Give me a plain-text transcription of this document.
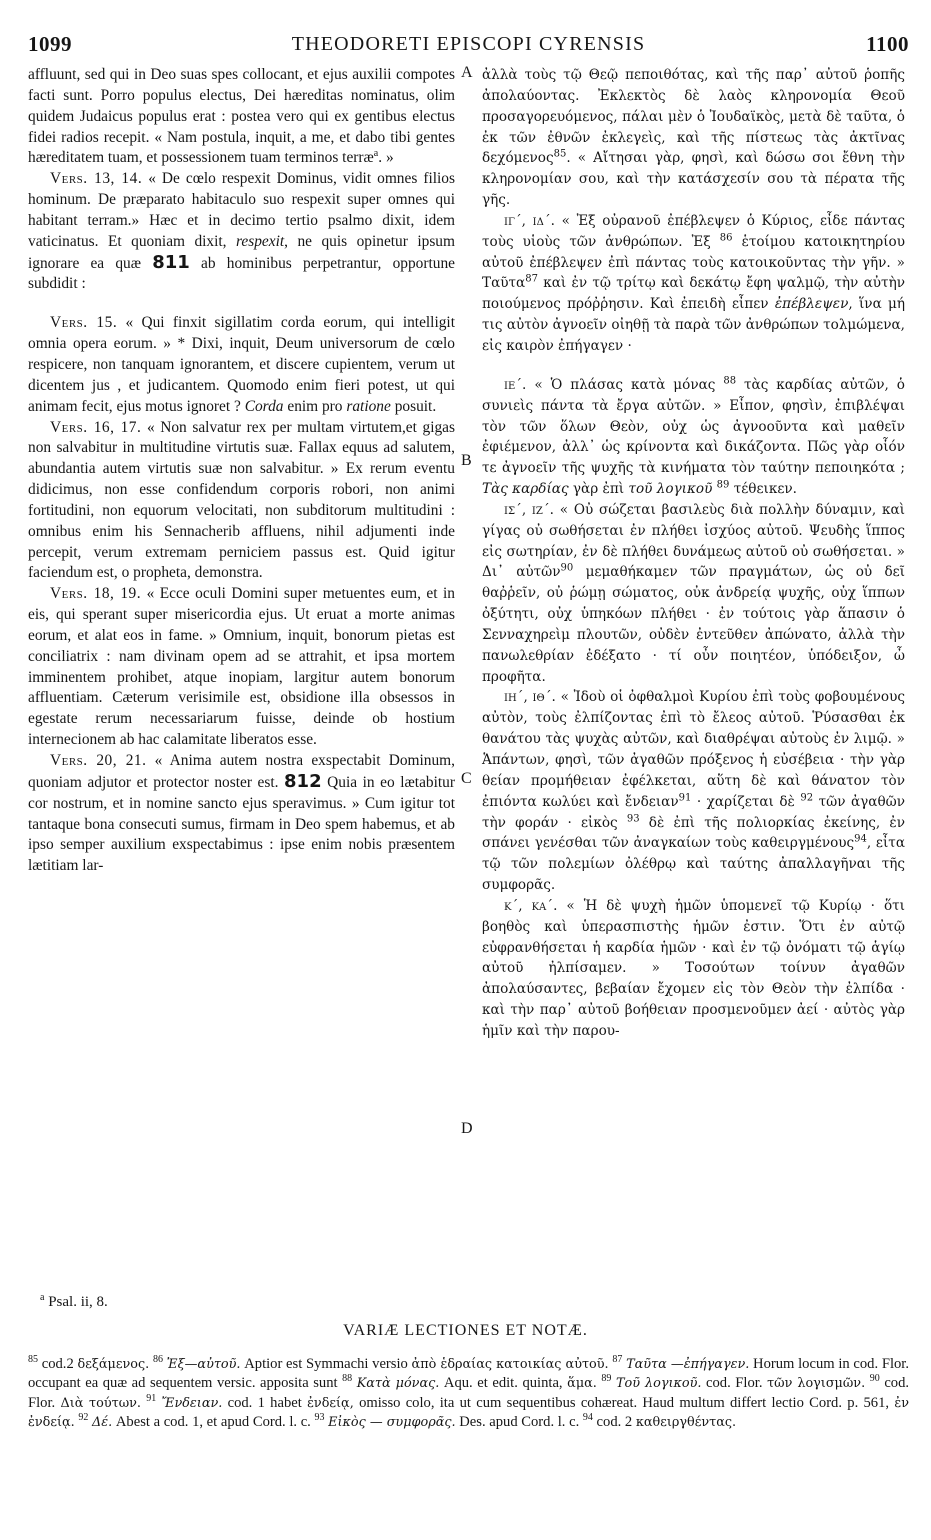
1099	THEODORETI EPISCOPI CYRENSIS	1100

affluunt, sed qui in Deo suas spes collocant, et ejus auxilii compotes facti sunt. Porro populus electus, Dei hæreditas nominatus, olim quidem Judaicus populus erat : postea vero qui ex gentibus electus fidei radios recepit. « Nam postula, inquit, a me, et dabo tibi gentes hæreditatem tuam, et possessionem tuam terminos terræ$^a$. »

Vers. 13, 14. « De cœlo respexit Dominus, vidit omnes filios hominum. De præparato habitaculo suo respexit super omnes qui habitant terram.» Hæc et in decimo tertio psalmo dixit, idem vaticinatus. Et quoniam dixit, respexit, ne quis opinetur ipsum ignorare ea quæ 811 ab hominibus perpetrantur, opportune subdidit :

Vers. 15. « Qui finxit sigillatim corda eorum, qui intelligit omnia opera eorum. » * Dixi, inquit, Deum universorum de cœlo respicere, non tanquam ignorantem, et discere cupientem, verum ut dicentem jus , et judicantem. Quomodo enim fieri potest, ut qui animam fecit, ejus motus ignoret ? Corda enim pro ratione posuit.

Vers. 16, 17. « Non salvatur rex per multam virtutem,et gigas non salvabitur in multitudine virtutis suæ. Fallax equus ad salutem, abundantia autem virtutis suæ non salvabitur. » Ex rerum eventu didicimus, non esse confidendum corporis robori, non animi fortitudini, non equorum velocitati, non subditorum multitudini : omnibus enim his Sennacherib affluens, nihil adjumenti inde percepit, verum extremam perniciem passus est. Quid igitur faciendum est, o propheta, demonstra.

Vers. 18, 19. « Ecce oculi Domini super metuentes eum, et in eis, qui sperant super misericordia ejus. Ut eruat a morte animas eorum, et alat eos in fame. » Omnium, inquit, bonorum pietas est conciliatrix : nam divinam opem ad se attrahit, et ipsa mortem imminentem prohibet, atque inopiam, largitur autem bonorum affluentiam. Cæterum verisimile est, obsidione illa obsessos in egestate rerum necessariarum fuisse, deinde ob hostium internecionem ab hac calamitate liberatos esse.

Vers. 20, 21. « Anima autem nostra exspectabit Dominum, quoniam adjutor et protector noster est. 812 Quia in eo lætabitur cor nostrum, et in nomine sancto ejus speravimus. » Cum igitur tot tantaque bona consecuti sumus, firmam in Deo spem habemus, et ab ipso semper auxilium exspectabimus : ipse enim nobis præsentem lætitiam lar-

A
B
C
D

ἀλλὰ τοὺς τῷ Θεῷ πεποιθότας, καὶ τῆς παρ᾽ αὐτοῦ ῥοπῆς ἀπολαύοντας. Ἐκλεκτὸς δὲ λαὸς κληρονομία Θεοῦ προσαγορευόμενος, πάλαι μὲν ὁ Ἰουδαϊκὸς, μετὰ δὲ ταῦτα, ὁ ἐκ τῶν ἐθνῶν ἐκλεγεὶς, καὶ τῆς πίστεως τὰς ἀκτῖνας δεχόμενος$^{85}$. « Αἴτησαι γὰρ, φησὶ, καὶ δώσω σοι ἔθνη τὴν κληρονομίαν σου, καὶ τὴν κατάσχεσίν σου τὰ πέρατα τῆς γῆς.

ιγ΄, ιδ΄. « Ἐξ οὐρανοῦ ἐπέβλεψεν ὁ Κύριος, εἶδε πάντας τοὺς υἱοὺς τῶν ἀνθρώπων. Ἐξ $^{86}$ ἑτοίμου κατοικητηρίου αὐτοῦ ἐπέβλεψεν ἐπὶ πάντας τοὺς κατοικοῦντας τὴν γῆν. » Ταῦτα$^{87}$ καὶ ἐν τῷ τρίτῳ καὶ δεκάτῳ ἔφη ψαλμῷ, τὴν αὐτὴν ποιούμενος πρόῤῥησιν. Καὶ ἐπειδὴ εἶπεν ἐπέβλεψεν, ἵνα μή τις αὐτὸν ἀγνοεῖν οἰηθῇ τὰ παρὰ τῶν ἀνθρώπων τολμώμενα, εἰς καιρὸν ἐπήγαγεν ·

ιε΄. « Ὁ πλάσας κατὰ μόνας $^{88}$ τὰς καρδίας αὐτῶν, ὁ συνιεὶς πάντα τὰ ἔργα αὐτῶν. » Εἶπον, φησὶν, ἐπιβλέψαι τὸν τῶν ὅλων Θεὸν, οὐχ ὡς ἀγνοοῦντα καὶ μαθεῖν ἐφιέμενον, ἀλλ᾽ ὡς κρίνοντα καὶ δικάζοντα. Πῶς γὰρ οἷόν τε ἀγνοεῖν τῆς ψυχῆς τὰ κινήματα τὸν ταύτην πεποιηκότα ; Τὰς καρδίας γὰρ ἐπὶ τοῦ λογικοῦ $^{89}$ τέθεικεν.

ις΄, ιζ΄. « Οὐ σώζεται βασιλεὺς διὰ πολλὴν δύναμιν, καὶ γίγας οὐ σωθήσεται ἐν πλήθει ἰσχύος αὐτοῦ. Ψευδὴς ἵππος εἰς σωτηρίαν, ἐν δὲ πλήθει δυνάμεως αὐτοῦ οὐ σωθήσεται. » Δι᾽ αὐτῶν$^{90}$ μεμαθήκαμεν τῶν πραγμάτων, ὡς οὐ δεῖ θαῤῥεῖν, οὐ ῥώμῃ σώματος, οὐκ ἀνδρείᾳ ψυχῆς, οὐχ ἵππων ὀξύτητι, οὐχ ὑπηκόων πλήθει · ἐν τούτοις γὰρ ἅπασιν ὁ Σενναχηρεὶμ πλουτῶν, οὐδὲν ἐντεῦθεν ἀπώνατο, ἀλλὰ τὴν πανωλεθρίαν ἐδέξατο · τί οὖν ποιητέον, ὑπόδειξον, ὦ προφῆτα.

ιη΄, ιθ΄. « Ἰδοὺ οἱ ὀφθαλμοὶ Κυρίου ἐπὶ τοὺς φοβουμένους αὐτὸν, τοὺς ἐλπίζοντας ἐπὶ τὸ ἔλεος αὐτοῦ. Ῥύσασθαι ἐκ θανάτου τὰς ψυχὰς αὐτῶν, καὶ διαθρέψαι αὐτοὺς ἐν λιμῷ. » Ἁπάντων, φησὶ, τῶν ἀγαθῶν πρόξενος ἡ εὐσέβεια · τὴν γὰρ θείαν προμήθειαν ἐφέλκεται, αὕτη δὲ καὶ θάνατον τὸν ἐπιόντα κωλύει καὶ ἔνδειαν$^{91}$ · χαρίζεται δὲ $^{92}$ τῶν ἀγαθῶν τὴν φοράν · εἰκὸς $^{93}$ δὲ ἐπὶ τῆς πολιορκίας ἐκείνης, ἐν σπάνει γενέσθαι τῶν ἀναγκαίων τοὺς καθειργμένους$^{94}$, εἶτα τῷ τῶν πολεμίων ὀλέθρῳ καὶ ταύτης ἀπαλλαγῆναι τῆς συμφορᾶς.

κ΄, κα΄. « Ἡ δὲ ψυχὴ ἡμῶν ὑπομενεῖ τῷ Κυρίῳ · ὅτι βοηθὸς καὶ ὑπερασπιστὴς ἡμῶν ἐστιν. Ὅτι ἐν αὐτῷ εὐφρανθήσεται ἡ καρδία ἡμῶν · καὶ ἐν τῷ ὀνόματι τῷ ἁγίῳ αὐτοῦ ἠλπίσαμεν. » Τοσούτων τοίνυν ἀγαθῶν ἀπολαύσαντες, βεβαίαν ἔχομεν εἰς τὸν Θεὸν τὴν ἐλπίδα · καὶ τὴν παρ᾽ αὐτοῦ βοήθειαν προσμενοῦμεν ἀεί · αὐτὸς γὰρ ἡμῖν καὶ τὴν παρου-

$^a$ Psal. ii, 8.
VARIÆ LECTIONES ET NOTÆ.
$^{85}$ cod.2 δεξάμενος. $^{86}$ Ἐξ—αὐτοῦ. Aptior est Symmachi versio ἀπὸ ἑδραίας κατοικίας αὐτοῦ. $^{87}$ Ταῦτα —ἐπήγαγεν. Horum locum in cod. Flor. occupant ea quæ ad sequentem versic. apposita sunt $^{88}$ Κατὰ μόνας. Aqu. et edit. quinta, ἅμα. $^{89}$ Τοῦ λογικοῦ. cod. Flor. τῶν λογισμῶν. $^{90}$ cod. Flor. Διὰ τούτων. $^{91}$ Ἔνδειαν. cod. 1 habet ἐνδείᾳ, omisso colo, ita ut cum sequentibus cohæreat. Haud multum differt lectio Cord. p. 561, ἐν ἐνδείᾳ. $^{92}$ Δέ. Abest a cod. 1, et apud Cord. l. c. $^{93}$ Εἰκὸς — συμφορᾶς. Des. apud Cord. l. c. $^{94}$ cod. 2 καθειργθέντας.
